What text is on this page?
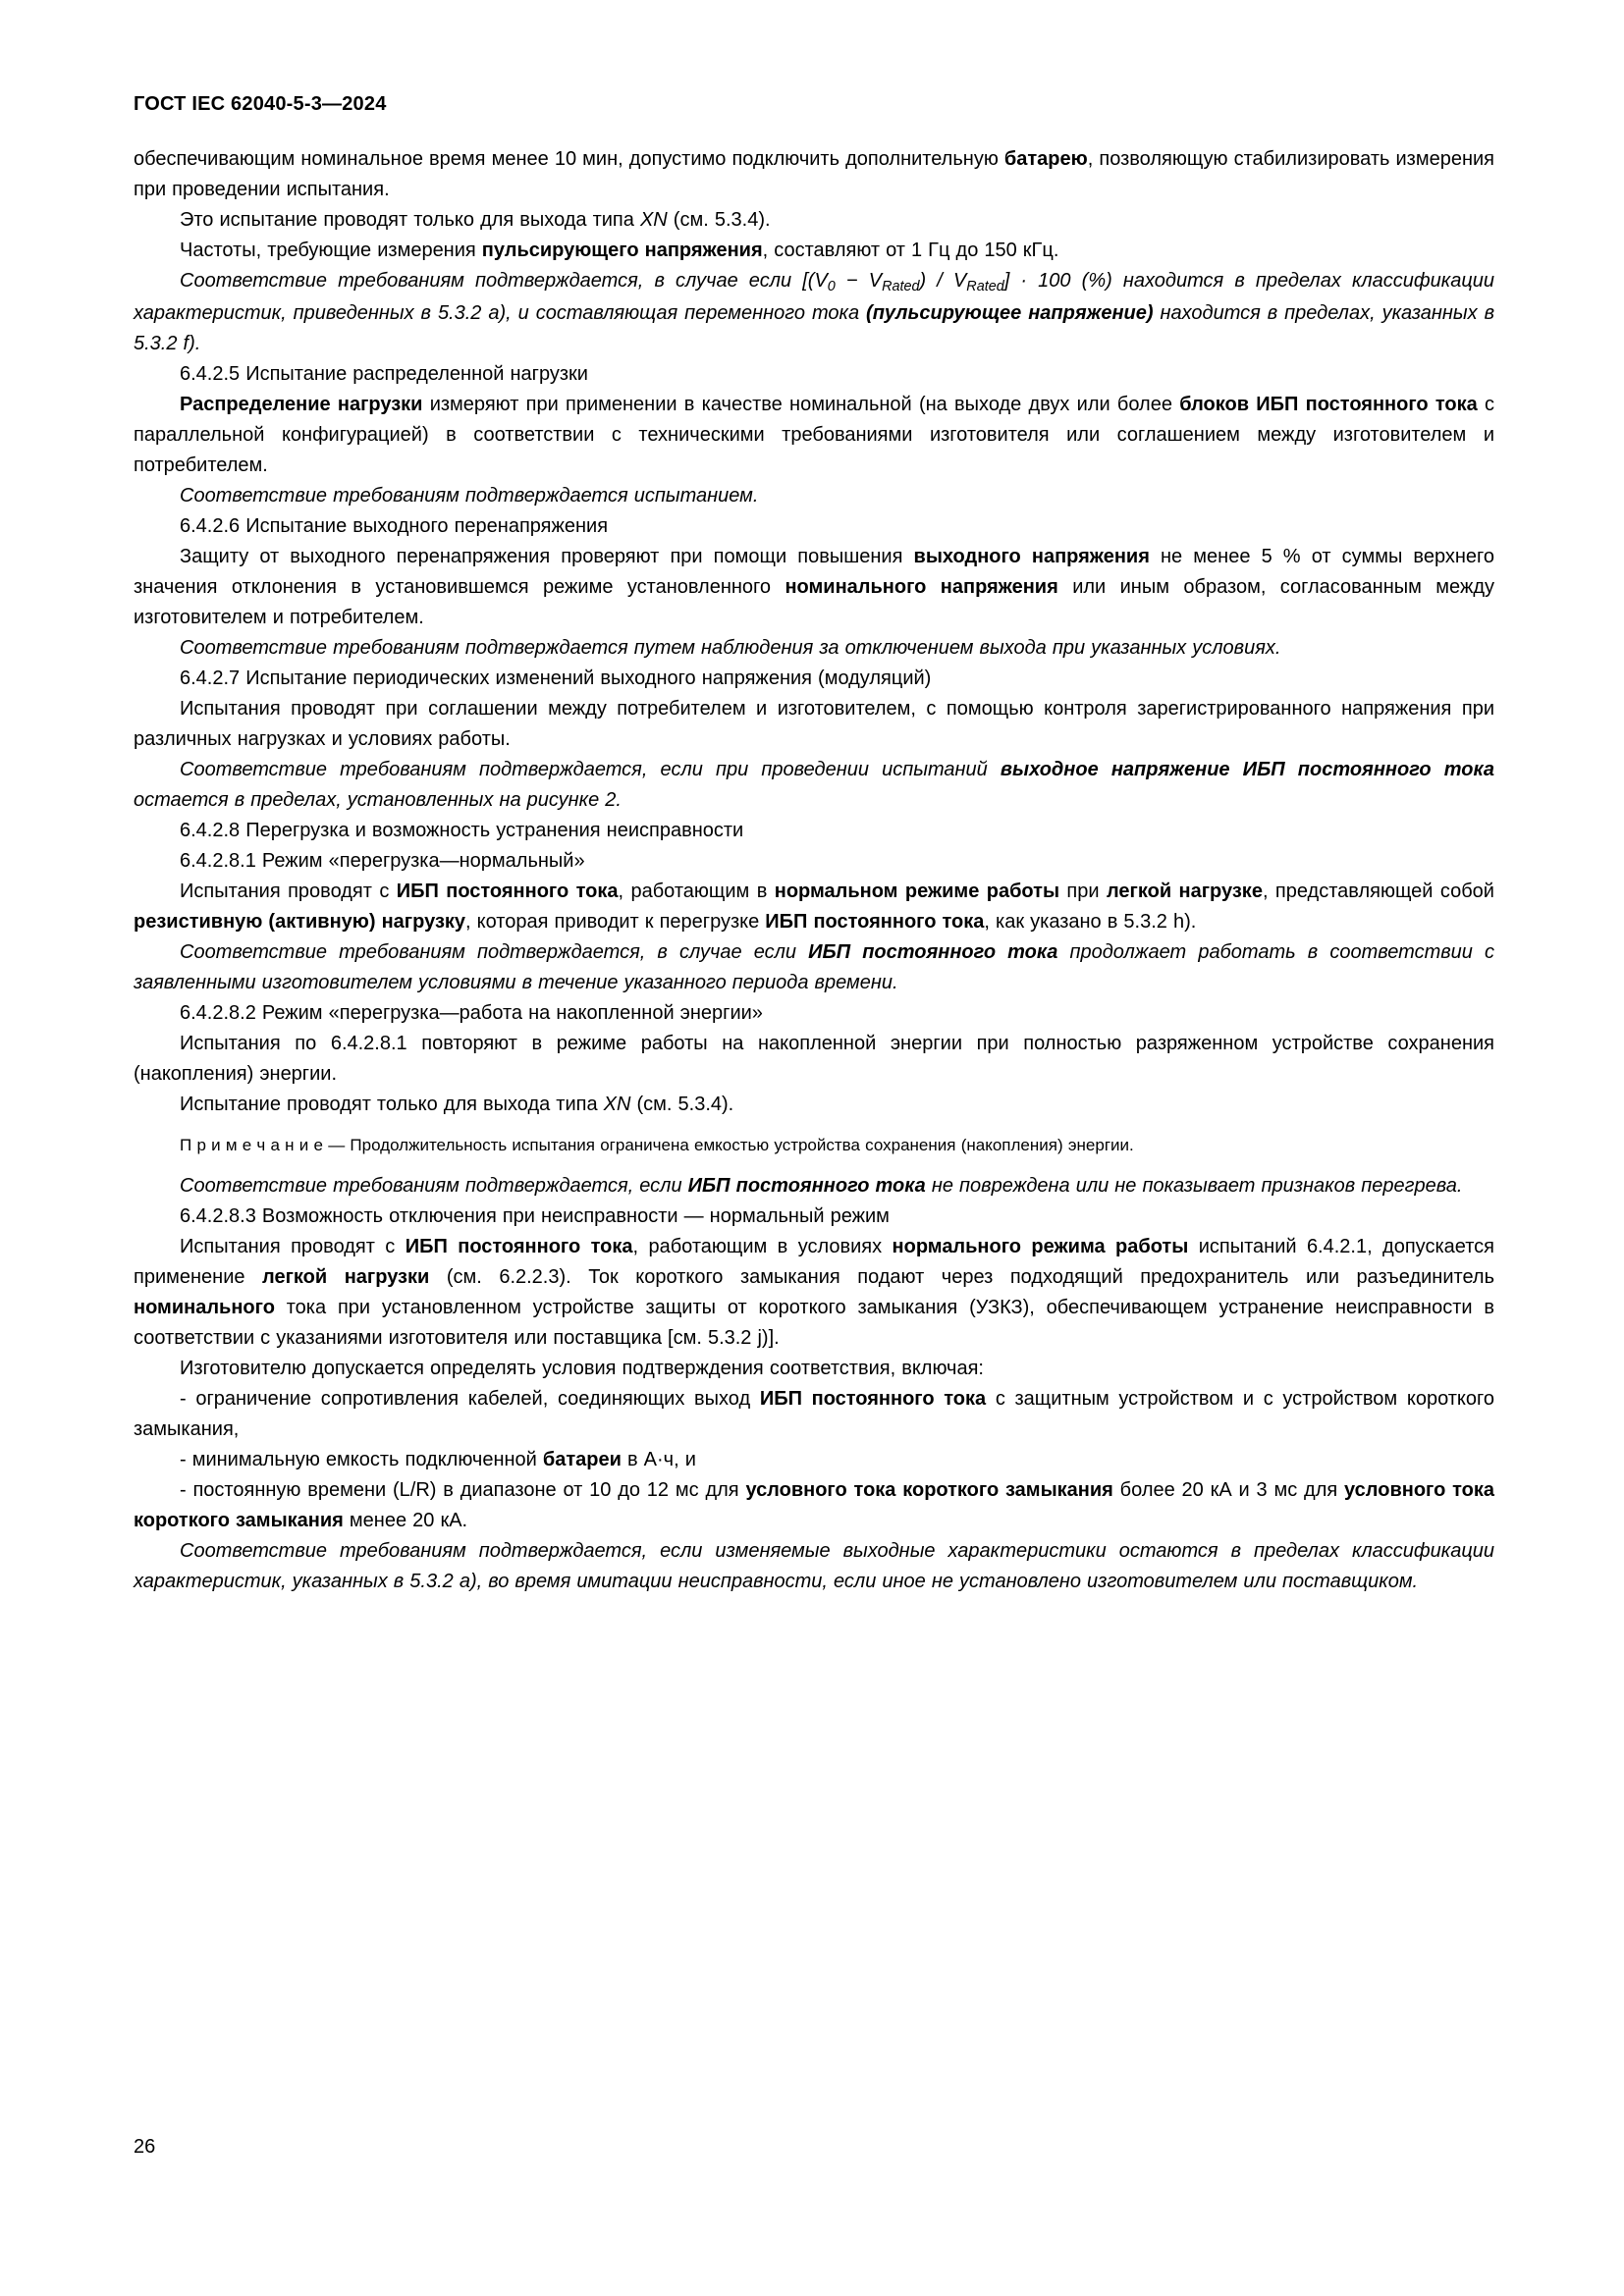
ГОСТ IEC 62040-5-3—2024

обеспечивающим номинальное время менее 10 мин, допустимо подключить дополнительную батарею, позволяющую стабилизировать измерения при проведении испытания.

Это испытание проводят только для выхода типа XN (см. 5.3.4).

Частоты, требующие измерения пульсирующего напряжения, составляют от 1 Гц до 150 кГц.

Соответствие требованиям подтверждается, в случае если $[(V_0 - V_{Rated}) / V_{Rated}] \cdot 100$ (%) находится в пределах классификации характеристик, приведенных в 5.3.2 a), и составляющая переменного тока (пульсирующее напряжение) находится в пределах, указанных в 5.3.2 f).

6.4.2.5 Испытание распределенной нагрузки

Распределение нагрузки измеряют при применении в качестве номинальной (на выходе двух или более блоков ИБП постоянного тока с параллельной конфигурацией) в соответствии с техническими требованиями изготовителя или соглашением между изготовителем и потребителем.

Соответствие требованиям подтверждается испытанием.

6.4.2.6 Испытание выходного перенапряжения

Защиту от выходного перенапряжения проверяют при помощи повышения выходного напряжения не менее 5 % от суммы верхнего значения отклонения в установившемся режиме установленного номинального напряжения или иным образом, согласованным между изготовителем и потребителем.

Соответствие требованиям подтверждается путем наблюдения за отключением выхода при указанных условиях.

6.4.2.7 Испытание периодических изменений выходного напряжения (модуляций)

Испытания проводят при соглашении между потребителем и изготовителем, с помощью контроля зарегистрированного напряжения при различных нагрузках и условиях работы.

Соответствие требованиям подтверждается, если при проведении испытаний выходное напряжение ИБП постоянного тока остается в пределах, установленных на рисунке 2.

6.4.2.8 Перегрузка и возможность устранения неисправности

6.4.2.8.1 Режим «перегрузка—нормальный»

Испытания проводят с ИБП постоянного тока, работающим в нормальном режиме работы при легкой нагрузке, представляющей собой резистивную (активную) нагрузку, которая приводит к перегрузке ИБП постоянного тока, как указано в 5.3.2 h).

Соответствие требованиям подтверждается, в случае если ИБП постоянного тока продолжает работать в соответствии с заявленными изготовителем условиями в течение указанного периода времени.

6.4.2.8.2 Режим «перегрузка—работа на накопленной энергии»

Испытания по 6.4.2.8.1 повторяют в режиме работы на накопленной энергии при полностью разряженном устройстве сохранения (накопления) энергии.

Испытание проводят только для выхода типа XN (см. 5.3.4).

П р и м е ч а н и е — Продолжительность испытания ограничена емкостью устройства сохранения (накопления) энергии.

Соответствие требованиям подтверждается, если ИБП постоянного тока не повреждена или не показывает признаков перегрева.

6.4.2.8.3 Возможность отключения при неисправности — нормальный режим

Испытания проводят с ИБП постоянного тока, работающим в условиях нормального режима работы испытаний 6.4.2.1, допускается применение легкой нагрузки (см. 6.2.2.3). Ток короткого замыкания подают через подходящий предохранитель или разъединитель номинального тока при установленном устройстве защиты от короткого замыкания (УЗКЗ), обеспечивающем устранение неисправности в соответствии с указаниями изготовителя или поставщика [см. 5.3.2 j)].

Изготовителю допускается определять условия подтверждения соответствия, включая:

- ограничение сопротивления кабелей, соединяющих выход ИБП постоянного тока с защитным устройством и с устройством короткого замыкания,

- минимальную емкость подключенной батареи в А·ч, и

- постоянную времени (L/R) в диапазоне от 10 до 12 мс для условного тока короткого замыкания более 20 кА и 3 мс для условного тока короткого замыкания менее 20 кА.

Соответствие требованиям подтверждается, если изменяемые выходные характеристики остаются в пределах классификации характеристик, указанных в 5.3.2 a), во время имитации неисправности, если иное не установлено изготовителем или поставщиком.

26
